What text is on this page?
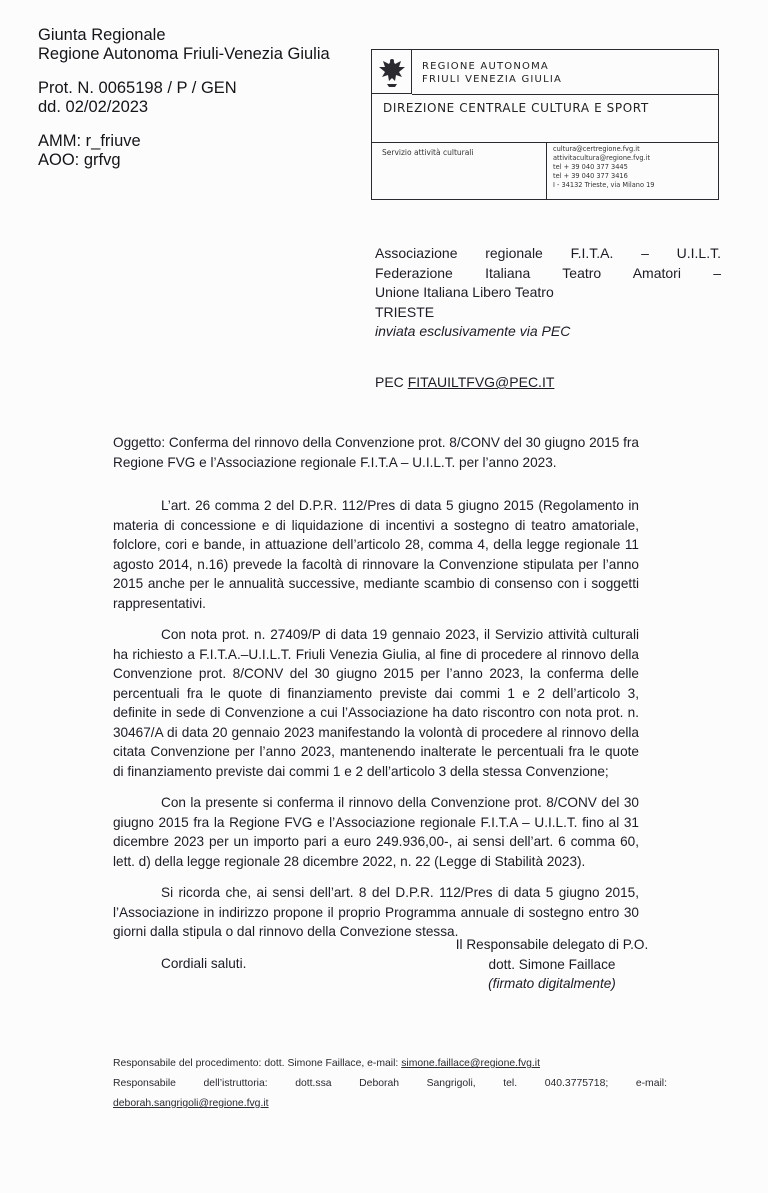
Giunta Regionale
Regione Autonoma Friuli-Venezia Giulia
Prot. N. 0065198 / P / GEN
dd. 02/02/2023
AMM: r_friuve
AOO: grfvg
REGIONE AUTONOMA
FRIULI VENEZIA GIULIA
DIREZIONE CENTRALE CULTURA E SPORT
Servizio attività culturali	cultura@certregione.fvg.it
attivitacultura@regione.fvg.it
tel + 39 040 377 3445
tel + 39 040 377 3416
I - 34132 Trieste, via Milano 19
Associazione regionale F.I.T.A. – U.I.L.T.
Federazione Italiana Teatro Amatori –
Unione Italiana Libero Teatro
TRIESTE
inviata esclusivamente via PEC
PEC FITAUILTFVG@PEC.IT

Oggetto: Conferma del rinnovo della Convenzione prot. 8/CONV del 30 giugno 2015 fra Regione FVG e l’Associazione regionale F.I.T.A – U.I.L.T. per l’anno 2023.

L’art. 26 comma 2 del D.P.R. 112/Pres di data 5 giugno 2015 (Regolamento in materia di concessione e di liquidazione di incentivi a sostegno di teatro amatoriale, folclore, cori e bande, in attuazione dell’articolo 28, comma 4, della legge regionale 11 agosto 2014, n.16) prevede la facoltà di rinnovare la Convenzione stipulata per l’anno 2015 anche per le annualità successive, mediante scambio di consenso con i soggetti rappresentativi.

Con nota prot. n. 27409/P di data 19 gennaio 2023, il Servizio attività culturali ha richiesto a F.I.T.A.–U.I.L.T. Friuli Venezia Giulia, al fine di procedere al rinnovo della Convenzione prot. 8/CONV del 30 giugno 2015 per l’anno 2023, la conferma delle percentuali fra le quote di finanziamento previste dai commi 1 e 2 dell’articolo 3, definite in sede di Convenzione a cui l’Associazione ha dato riscontro con nota prot. n. 30467/A di data 20 gennaio 2023 manifestando la volontà di procedere al rinnovo della citata Convenzione per l’anno 2023, mantenendo inalterate le percentuali fra le quote di finanziamento previste dai commi 1 e 2 dell’articolo 3 della stessa Convenzione;

Con la presente si conferma il rinnovo della Convenzione prot. 8/CONV del 30 giugno 2015 fra la Regione FVG e l’Associazione regionale F.I.T.A – U.I.L.T. fino al 31 dicembre 2023 per un importo pari a euro 249.936,00-, ai sensi dell’art. 6 comma 60, lett. d) della legge regionale 28 dicembre 2022, n. 22 (Legge di Stabilità 2023).

Si ricorda che, ai sensi dell’art. 8 del D.P.R. 112/Pres di data 5 giugno 2015, l’Associazione in indirizzo propone il proprio Programma annuale di sostegno entro 30 giorni dalla stipula o dal rinnovo della Convezione stessa.

Cordiali saluti.

Il Responsabile delegato di P.O.
dott. Simone Faillace
(firmato digitalmente)
Responsabile del procedimento: dott. Simone Faillace, e-mail: simone.faillace@regione.fvg.it
Responsabile	dell’istruttoria:	dott.ssa	Deborah	Sangrigoli,	tel.	040.3775718;	e-mail:
deborah.sangrigoli@regione.fvg.it
